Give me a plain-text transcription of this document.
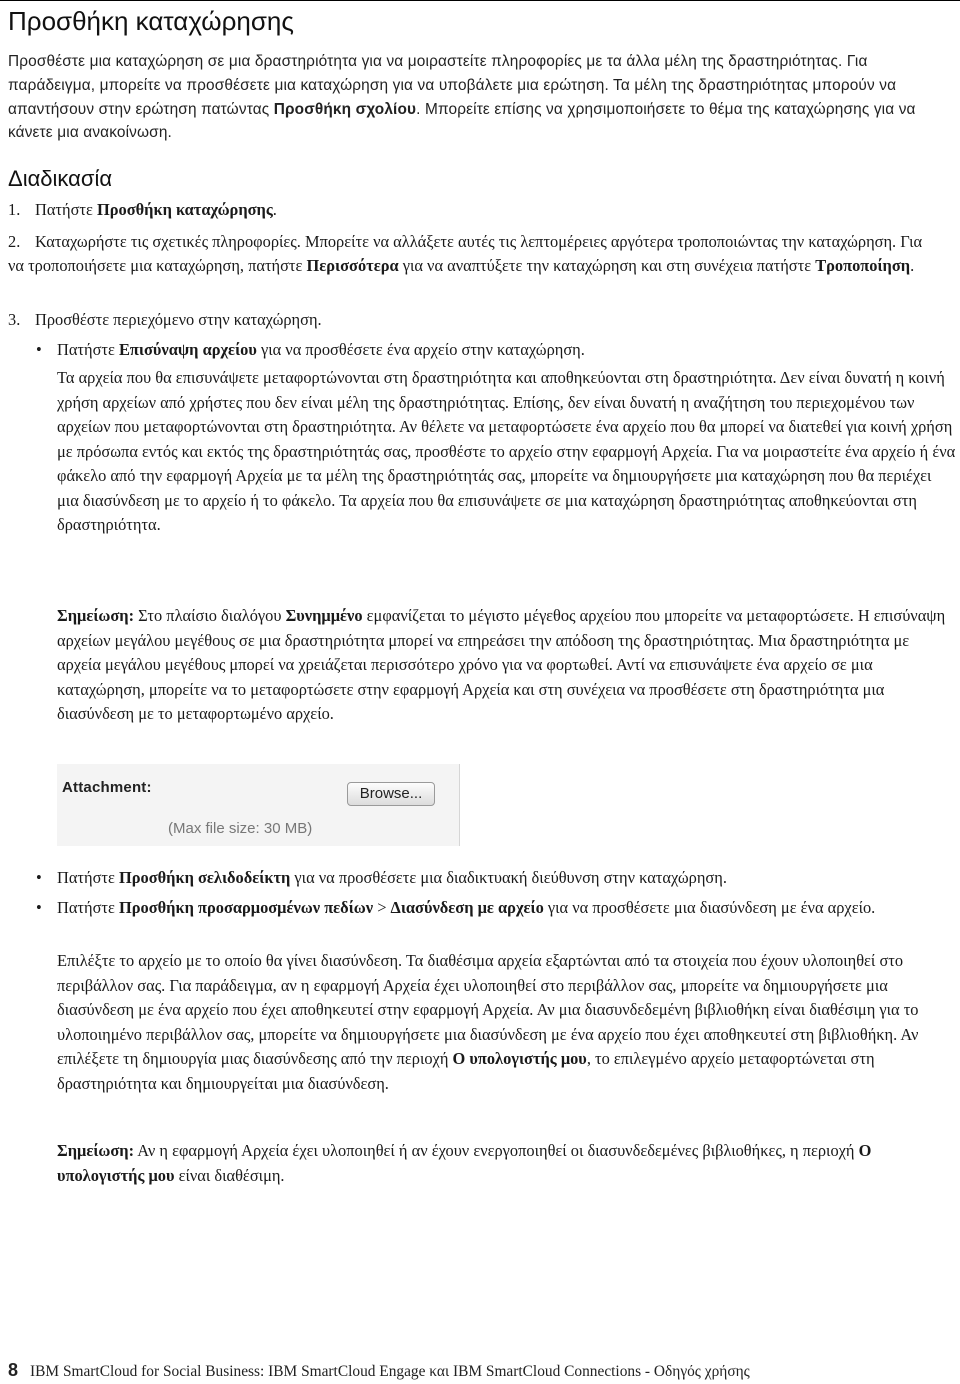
Προσθήκη καταχώρησης

Προσθέστε μια καταχώρηση σε μια δραστηριότητα για να μοιραστείτε πληροφορίες με τα άλλα μέλη της δραστηριότητας. Για παράδειγμα, μπορείτε να προσθέσετε μια καταχώρηση για να υποβάλετε μια ερώτηση. Τα μέλη της δραστηριότητας μπορούν να απαντήσουν στην ερώτηση πατώντας Προσθήκη σχολίου. Μπορείτε επίσης να χρησιμοποιήσετε το θέμα της καταχώρησης για να κάνετε μια ανακοίνωση.

Διαδικασία
1. Πατήστε Προσθήκη καταχώρησης.
2. Καταχωρήστε τις σχετικές πληροφορίες. Μπορείτε να αλλάξετε αυτές τις λεπτομέρειες αργότερα τροποποιώντας την καταχώρηση. Για να τροποποιήσετε μια καταχώρηση, πατήστε Περισσότερα για να αναπτύξετε την καταχώρηση και στη συνέχεια πατήστε Τροποποίηση.
3. Προσθέστε περιεχόμενο στην καταχώρηση.
• Πατήστε Επισύναψη αρχείου για να προσθέσετε ένα αρχείο στην καταχώρηση.

Τα αρχεία που θα επισυνάψετε μεταφορτώνονται στη δραστηριότητα και αποθηκεύονται στη δραστηριότητα. Δεν είναι δυνατή η κοινή χρήση αρχείων από χρήστες που δεν είναι μέλη της δραστηριότητας. Επίσης, δεν είναι δυνατή η αναζήτηση του περιεχομένου των αρχείων που μεταφορτώνονται στη δραστηριότητα. Αν θέλετε να μεταφορτώσετε ένα αρχείο που θα μπορεί να διατεθεί για κοινή χρήση με πρόσωπα εντός και εκτός της δραστηριότητάς σας, προσθέστε το αρχείο στην εφαρμογή Αρχεία. Για να μοιραστείτε ένα αρχείο ή ένα φάκελο από την εφαρμογή Αρχεία με τα μέλη της δραστηριότητάς σας, μπορείτε να δημιουργήσετε μια καταχώρηση που θα περιέχει μια διασύνδεση με το αρχείο ή το φάκελο. Τα αρχεία που θα επισυνάψετε σε μια καταχώρηση δραστηριότητας αποθηκεύονται στη δραστηριότητα.

Σημείωση: Στο πλαίσιο διαλόγου Συνημμένο εμφανίζεται το μέγιστο μέγεθος αρχείου που μπορείτε να μεταφορτώσετε. Η επισύναψη αρχείων μεγάλου μεγέθους σε μια δραστηριότητα μπορεί να επηρεάσει την απόδοση της δραστηριότητας. Μια δραστηριότητα με αρχεία μεγάλου μεγέθους μπορεί να χρειάζεται περισσότερο χρόνο για να φορτωθεί. Αντί να επισυνάψετε ένα αρχείο σε μια καταχώρηση, μπορείτε να το μεταφορτώσετε στην εφαρμογή Αρχεία και στη συνέχεια να προσθέσετε στη δραστηριότητα μια διασύνδεση με το μεταφορτωμένο αρχείο.

Attachment:	Browse...
(Max file size: 30 MB)
• Πατήστε Προσθήκη σελιδοδείκτη για να προσθέσετε μια διαδικτυακή διεύθυνση στην καταχώρηση.
• Πατήστε Προσθήκη προσαρμοσμένων πεδίων > Διασύνδεση με αρχείο για να προσθέσετε μια διασύνδεση με ένα αρχείο.

Επιλέξτε το αρχείο με το οποίο θα γίνει διασύνδεση. Τα διαθέσιμα αρχεία εξαρτώνται από τα στοιχεία που έχουν υλοποιηθεί στο περιβάλλον σας. Για παράδειγμα, αν η εφαρμογή Αρχεία έχει υλοποιηθεί στο περιβάλλον σας, μπορείτε να δημιουργήσετε μια διασύνδεση με ένα αρχείο που έχει αποθηκευτεί στην εφαρμογή Αρχεία. Αν μια διασυνδεδεμένη βιβλιοθήκη είναι διαθέσιμη για το υλοποιημένο περιβάλλον σας, μπορείτε να δημιουργήσετε μια διασύνδεση με ένα αρχείο που έχει αποθηκευτεί στη βιβλιοθήκη. Αν επιλέξετε τη δημιουργία μιας διασύνδεσης από την περιοχή Ο υπολογιστής μου, το επιλεγμένο αρχείο μεταφορτώνεται στη δραστηριότητα και δημιουργείται μια διασύνδεση.

Σημείωση: Αν η εφαρμογή Αρχεία έχει υλοποιηθεί ή αν έχουν ενεργοποιηθεί οι διασυνδεδεμένες βιβλιοθήκες, η περιοχή Ο υπολογιστής μου είναι διαθέσιμη.

8 IBM SmartCloud for Social Business: IBM SmartCloud Engage και IBM SmartCloud Connections - Οδηγός χρήσης
